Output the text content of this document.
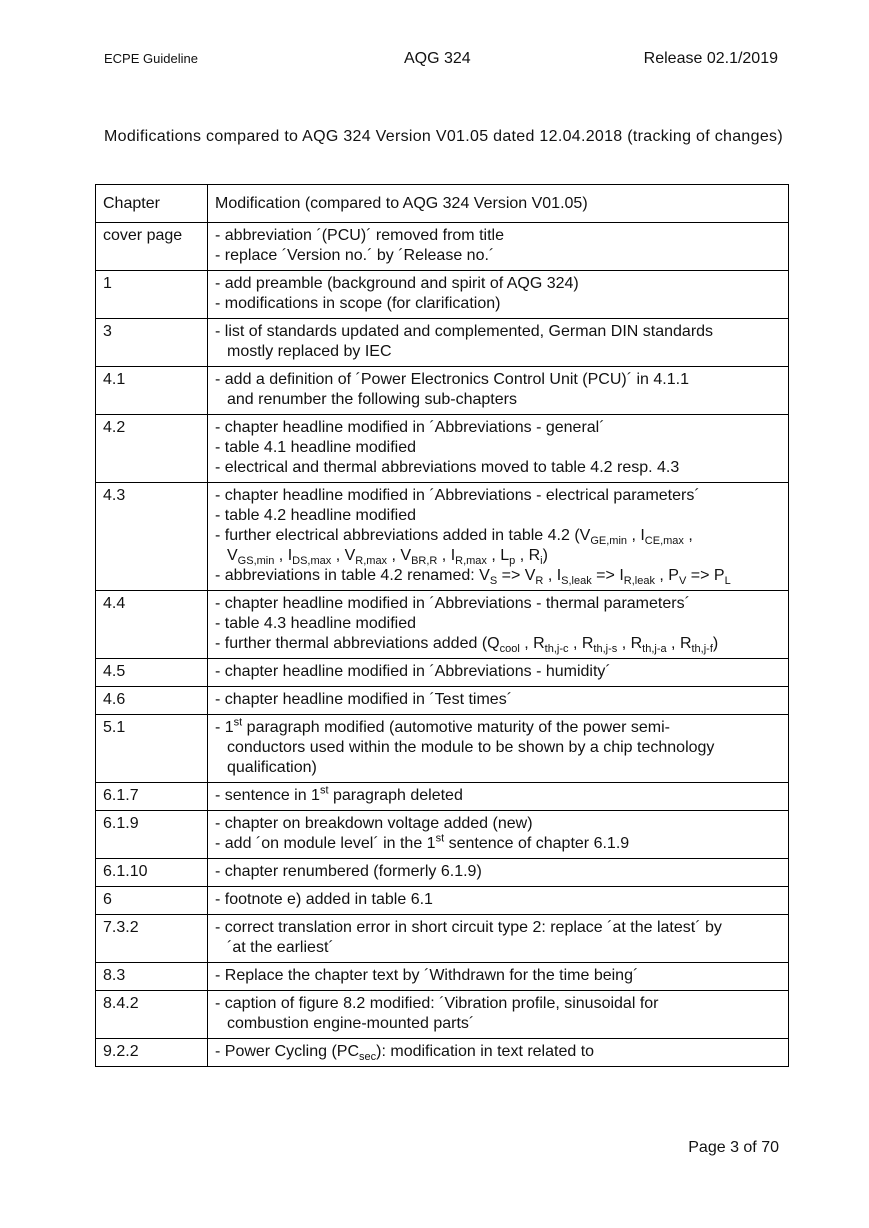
ECPE Guideline	AQG 324	Release 02.1/2019
Modifications compared to AQG 324 Version V01.05 dated 12.04.2018 (tracking of changes)
Chapter	Modification (compared to AQG 324 Version V01.05)
cover page	- abbreviation ´(PCU)´ removed from title
- replace ´Version no.´ by ´Release no.´

1	- add preamble (background and spirit of AQG 324)
- modifications in scope (for clarification)

3	- list of standards updated and complemented, German DIN standards
mostly replaced by IEC

4.1	- add a definition of ´Power Electronics Control Unit (PCU)´ in 4.1.1
and renumber the following sub-chapters

4.2	- chapter headline modified in ´Abbreviations - general´
- table 4.1 headline modified
- electrical and thermal abbreviations moved to table 4.2 resp. 4.3

4.3	- chapter headline modified in ´Abbreviations - electrical parameters´
- table 4.2 headline modified
- further electrical abbreviations added in table 4.2 ($V_{GE,min}$ , $I_{CE,max}$ ,
$V_{GS,min}$ , $I_{DS,max}$ , $V_{R,max}$ , $V_{BR,R}$ , $I_{R,max}$ , $L_p$ , $R_i$)
- abbreviations in table 4.2 renamed: $V_S => V_R$ , $I_{S,leak} => I_{R,leak}$ , $P_V => P_L$

4.4	- chapter headline modified in ´Abbreviations - thermal parameters´
- table 4.3 headline modified
- further thermal abbreviations added ($Q_{cool}$ , $R_{th,j-c}$ , $R_{th,j-s}$ , $R_{th,j-a}$ , $R_{th,j-f}$)

4.5	- chapter headline modified in ´Abbreviations - humidity´

4.6	- chapter headline modified in ´Test times´

5.1	- 1st paragraph modified (automotive maturity of the power semi-
conductors used within the module to be shown by a chip technology
qualification)

6.1.7	- sentence in 1st paragraph deleted

6.1.9	- chapter on breakdown voltage added (new)
- add ´on module level´ in the 1st sentence of chapter 6.1.9

6.1.10	- chapter renumbered (formerly 6.1.9)

6	- footnote e) added in table 6.1

7.3.2	- correct translation error in short circuit type 2: replace ´at the latest´ by
´at the earliest´

8.3	- Replace the chapter text by ´Withdrawn for the time being´

8.4.2	- caption of figure 8.2 modified: ´Vibration profile, sinusoidal for
combustion engine-mounted parts´

9.2.2	- Power Cycling $(PC_{sec})$: modification in text related to
Page 3 of 70
